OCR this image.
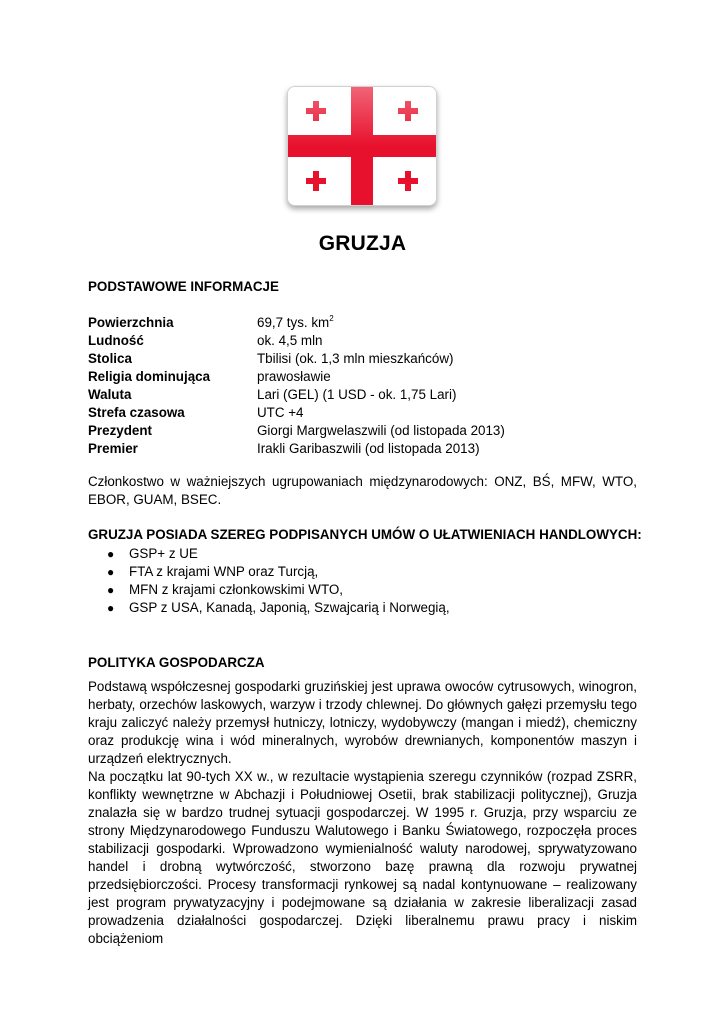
GRUZJA
PODSTAWOWE INFORMACJE
Powierzchnia	69,7 tys. $km^2$
Ludność	ok. 4,5 mln
Stolica	Tbilisi (ok. 1,3 mln mieszkańców)
Religia dominująca	prawosławie
Waluta	Lari (GEL) (1 USD - ok. 1,75 Lari)
Strefa czasowa	UTC +4
Prezydent	Giorgi Margwelaszwili (od listopada 2013)
Premier	Irakli Garibaszwili (od listopada 2013)
Członkostwo w ważniejszych ugrupowaniach międzynarodowych: ONZ, BŚ, MFW, WTO, EBOR, GUAM, BSEC.
GRUZJA POSIADA SZEREG PODPISANYCH UMÓW O UŁATWIENIACH HANDLOWYCH:
● GSP+ z UE
● FTA z krajami WNP oraz Turcją,
● MFN z krajami członkowskimi WTO,
● GSP z USA, Kanadą, Japonią, Szwajcarią i Norwegią,
POLITYKA GOSPODARCZA
Podstawą współczesnej gospodarki gruzińskiej jest uprawa owoców cytrusowych, winogron, herbaty, orzechów laskowych, warzyw i trzody chlewnej. Do głównych gałęzi przemysłu tego kraju zaliczyć należy przemysł hutniczy, lotniczy, wydobywczy (mangan i miedź), chemiczny oraz produkcję wina i wód mineralnych, wyrobów drewnianych, komponentów maszyn i urządzeń elektrycznych.
Na początku lat 90-tych XX w., w rezultacie wystąpienia szeregu czynników (rozpad ZSRR, konflikty wewnętrzne w Abchazji i Południowej Osetii, brak stabilizacji politycznej), Gruzja znalazła się w bardzo trudnej sytuacji gospodarczej. W 1995 r. Gruzja, przy wsparciu ze strony Międzynarodowego Funduszu Walutowego i Banku Światowego, rozpoczęła proces stabilizacji gospodarki. Wprowadzono wymienialność waluty narodowej, sprywatyzowano handel i drobną wytwórczość, stworzono bazę prawną dla rozwoju prywatnej przedsiębiorczości. Procesy transformacji rynkowej są nadal kontynuowane – realizowany jest program prywatyzacyjny i podejmowane są działania w zakresie liberalizacji zasad prowadzenia działalności gospodarczej. Dzięki liberalnemu prawu pracy i niskim obciążeniom
